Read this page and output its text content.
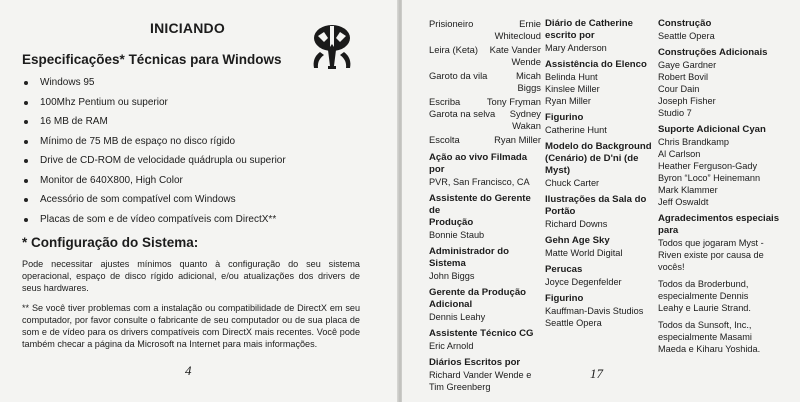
INICIANDO
Especificações* Técnicas para Windows
Windows 95
100Mhz Pentium ou superior
16 MB de RAM
Mínimo de 75 MB de espaço no disco rígido
Drive de CD-ROM de velocidade quádrupla ou superior
Monitor de 640X800, High Color
Acessório de som compatível com Windows
Placas de som e de vídeo compatíveis com DirectX**
* Configuração do Sistema:

Pode necessitar ajustes mínimos quanto à configuração do seu sistema operacional, espaço de disco rígido adicional, e/ou atualizações dos drivers de seus hardwares.

** Se você tiver problemas com a instalação ou compatibilidade de DirectX em seu computador, por favor consulte o fabricante de seu computador ou de sua placa de som e de vídeo para os drivers compatíveis com DirectX mais recentes. Você pode também checar a página da Microsoft na Internet para mais informações.

4
Prisioneiro	Ernie Whitecloud
Leira (Keta)	Kate Vander Wende
Garoto da vila	Micah Biggs
Escriba	Tony Fryman
Garota na selva	Sydney Wakan
Escolta	Ryan Miller
Ação ao vivo Filmada por
PVR, San Francisco, CA
Assistente do Gerente de
Produção
Bonnie Staub
Administrador do
Sistema
John Biggs
Gerente da Produção
Adicional
Dennis Leahy
Assistente Técnico CG
Eric Arnold
Diários Escritos por
Richard Vander Wende e
Tim Greenberg
Diário de Catherine
escrito por
Mary Anderson
Assistência do Elenco
Belinda Hunt
Kinslee Miller
Ryan Miller
Figurino
Catherine Hunt
Modelo do Background
(Cenário) de D'ni (de
Myst)
Chuck Carter
Ilustrações da Sala do
Portão
Richard Downs
Gehn Age Sky
Matte World Digital
Perucas
Joyce Degenfelder
Figurino
Kauffman-Davis Studios
Seattle Opera
Construção
Seattle Opera
Construções Adicionais
Gaye Gardner
Robert Bovil
Cour Dain
Joseph Fisher
Studio 7
Suporte Adicional Cyan
Chris Brandkamp
Al Carlson
Heather Ferguson-Gady
Byron “Loco” Heinemann
Mark Klammer
Jeff Oswaldt
Agradecimentos especiais
para
Todos que jogaram Myst -
Riven existe por causa de
vocês!
Todos da Broderbund,
especialmente Dennis
Leahy e Laurie Strand.
Todos da Sunsoft, Inc.,
especialmente Masami
Maeda e Kiharu Yoshida.
17
